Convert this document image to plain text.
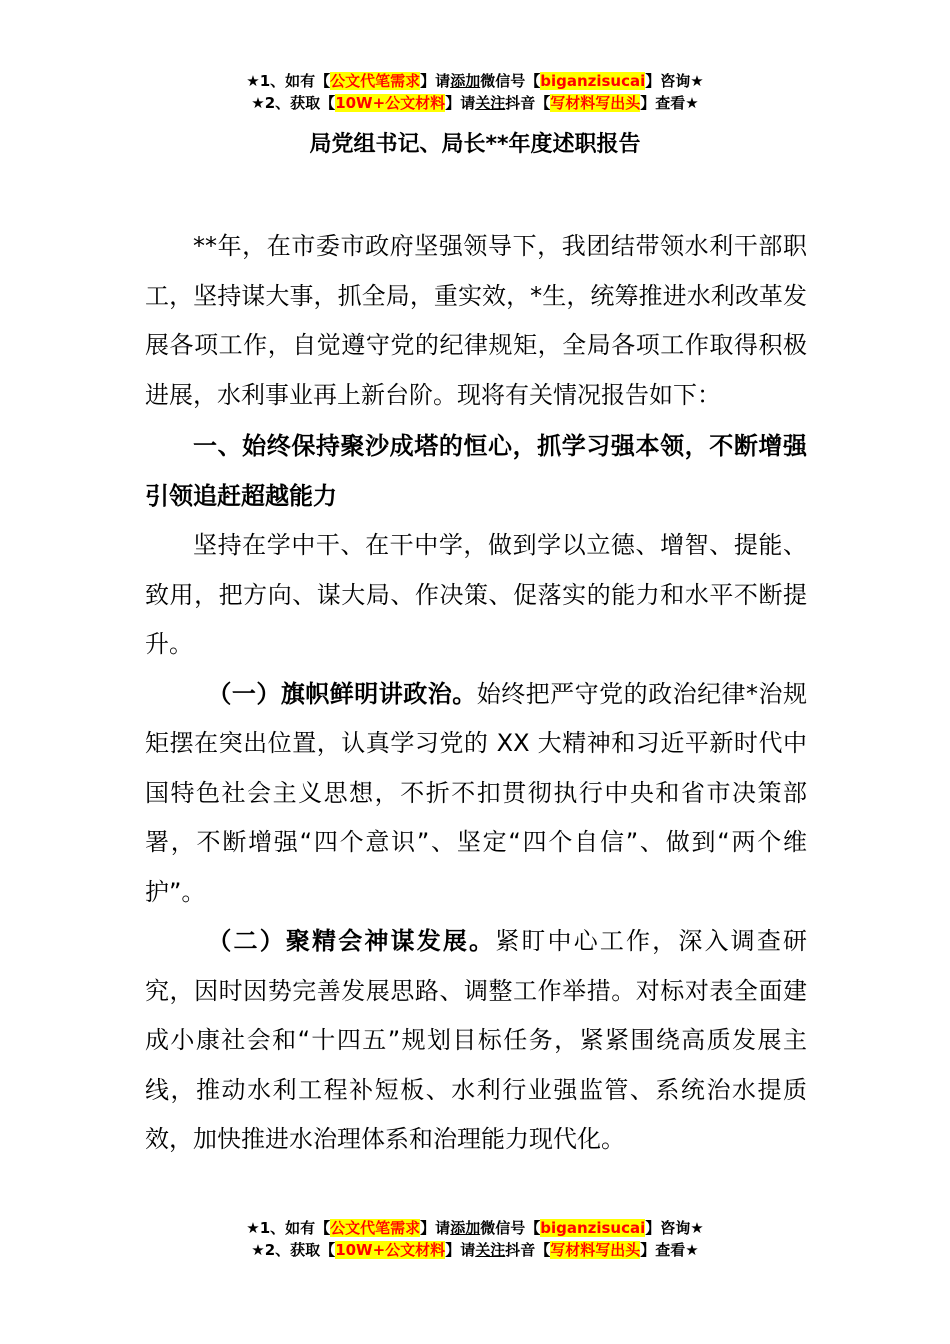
★1、如有【公文代笔需求】请添加微信号【biganzisucai】咨询★
★2、获取【10W+公文材料】请关注抖音【写材料写出头】查看★
局党组书记、局长**年度述职报告

**年，在市委市政府坚强领导下，我团结带领水利干部职工，坚持谋大事，抓全局，重实效，*生，统筹推进水利改革发展各项工作，自觉遵守党的纪律规矩，全局各项工作取得积极进展，水利事业再上新台阶。现将有关情况报告如下：

一、始终保持聚沙成塔的恒心，抓学习强本领，不断增强引领追赶超越能力

坚持在学中干、在干中学，做到学以立德、增智、提能、致用，把方向、谋大局、作决策、促落实的能力和水平不断提升。

（一）旗帜鲜明讲政治。始终把严守党的政治纪律*治规矩摆在突出位置，认真学习党的 XX 大精神和习近平新时代中国特色社会主义思想，不折不扣贯彻执行中央和省市决策部署，不断增强“四个意识”、坚定“四个自信”、做到“两个维护”。

（二）聚精会神谋发展。紧盯中心工作，深入调查研究，因时因势完善发展思路、调整工作举措。对标对表全面建成小康社会和“十四五”规划目标任务，紧紧围绕高质发展主线，推动水利工程补短板、水利行业强监管、系统治水提质效，加快推进水治理体系和治理能力现代化。

★1、如有【公文代笔需求】请添加微信号【biganzisucai】咨询★
★2、获取【10W+公文材料】请关注抖音【写材料写出头】查看★
